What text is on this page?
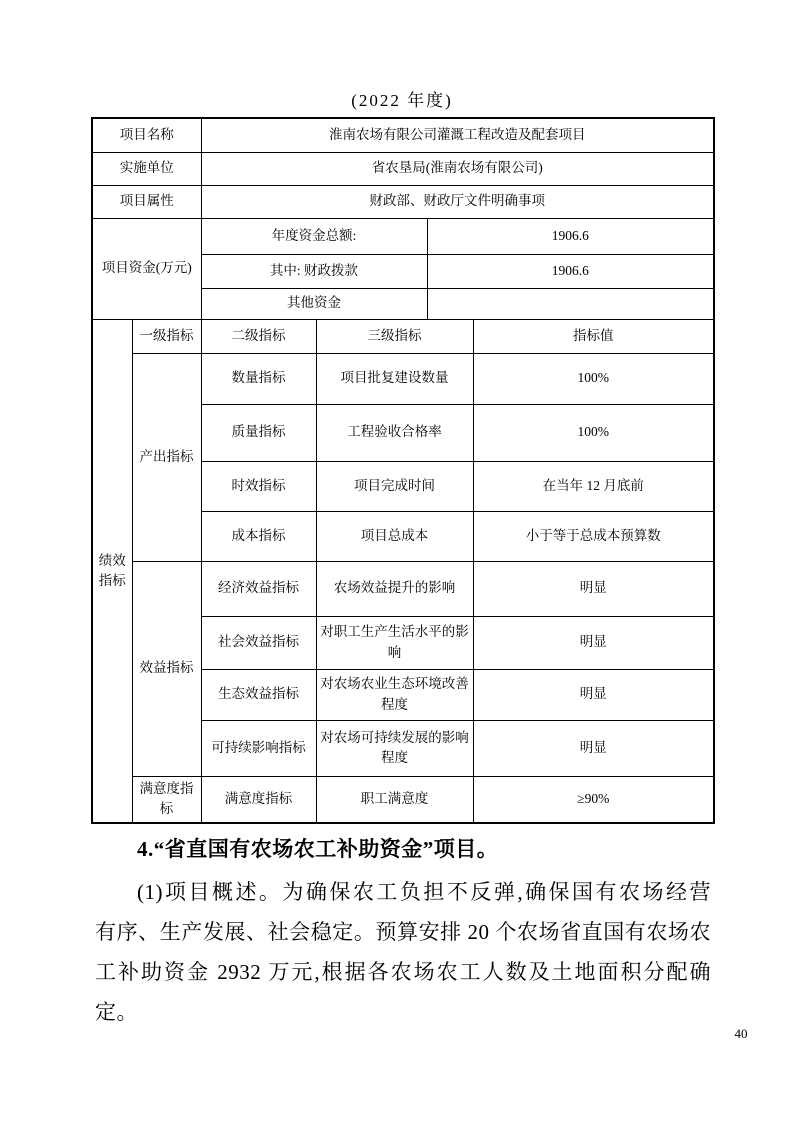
(2022 年度)
项目名称		淮南农场有限公司灌溉工程改造及配套项目			
实施单位		省农垦局(淮南农场有限公司)			
项目属性		财政部、财政厅文件明确事项			
项目资金(万元)		年度资金总额:		1906.6	
		其中: 财政拨款		1906.6	
		其他资金			
绩效指标	一级指标	二级指标	三级指标		指标值
	产出指标	数量指标	项目批复建设数量		100%
		质量指标	工程验收合格率		100%
		时效指标	项目完成时间		在当年 12 月底前
		成本指标	项目总成本		小于等于总成本预算数
	效益指标	经济效益指标	农场效益提升的影响		明显
		社会效益指标	对职工生产生活水平的影响		明显
		生态效益指标	对农场农业生态环境改善程度		明显
		可持续影响指标	对农场可持续发展的影响程度		明显
	满意度指标	满意度指标	职工满意度		≥90%
4.“省直国有农场农工补助资金”项目。
(1)项目概述。为确保农工负担不反弹,确保国有农场经营
有序、生产发展、社会稳定。预算安排 20 个农场省直国有农场农
工补助资金 2932 万元,根据各农场农工人数及土地面积分配确
定。
40
